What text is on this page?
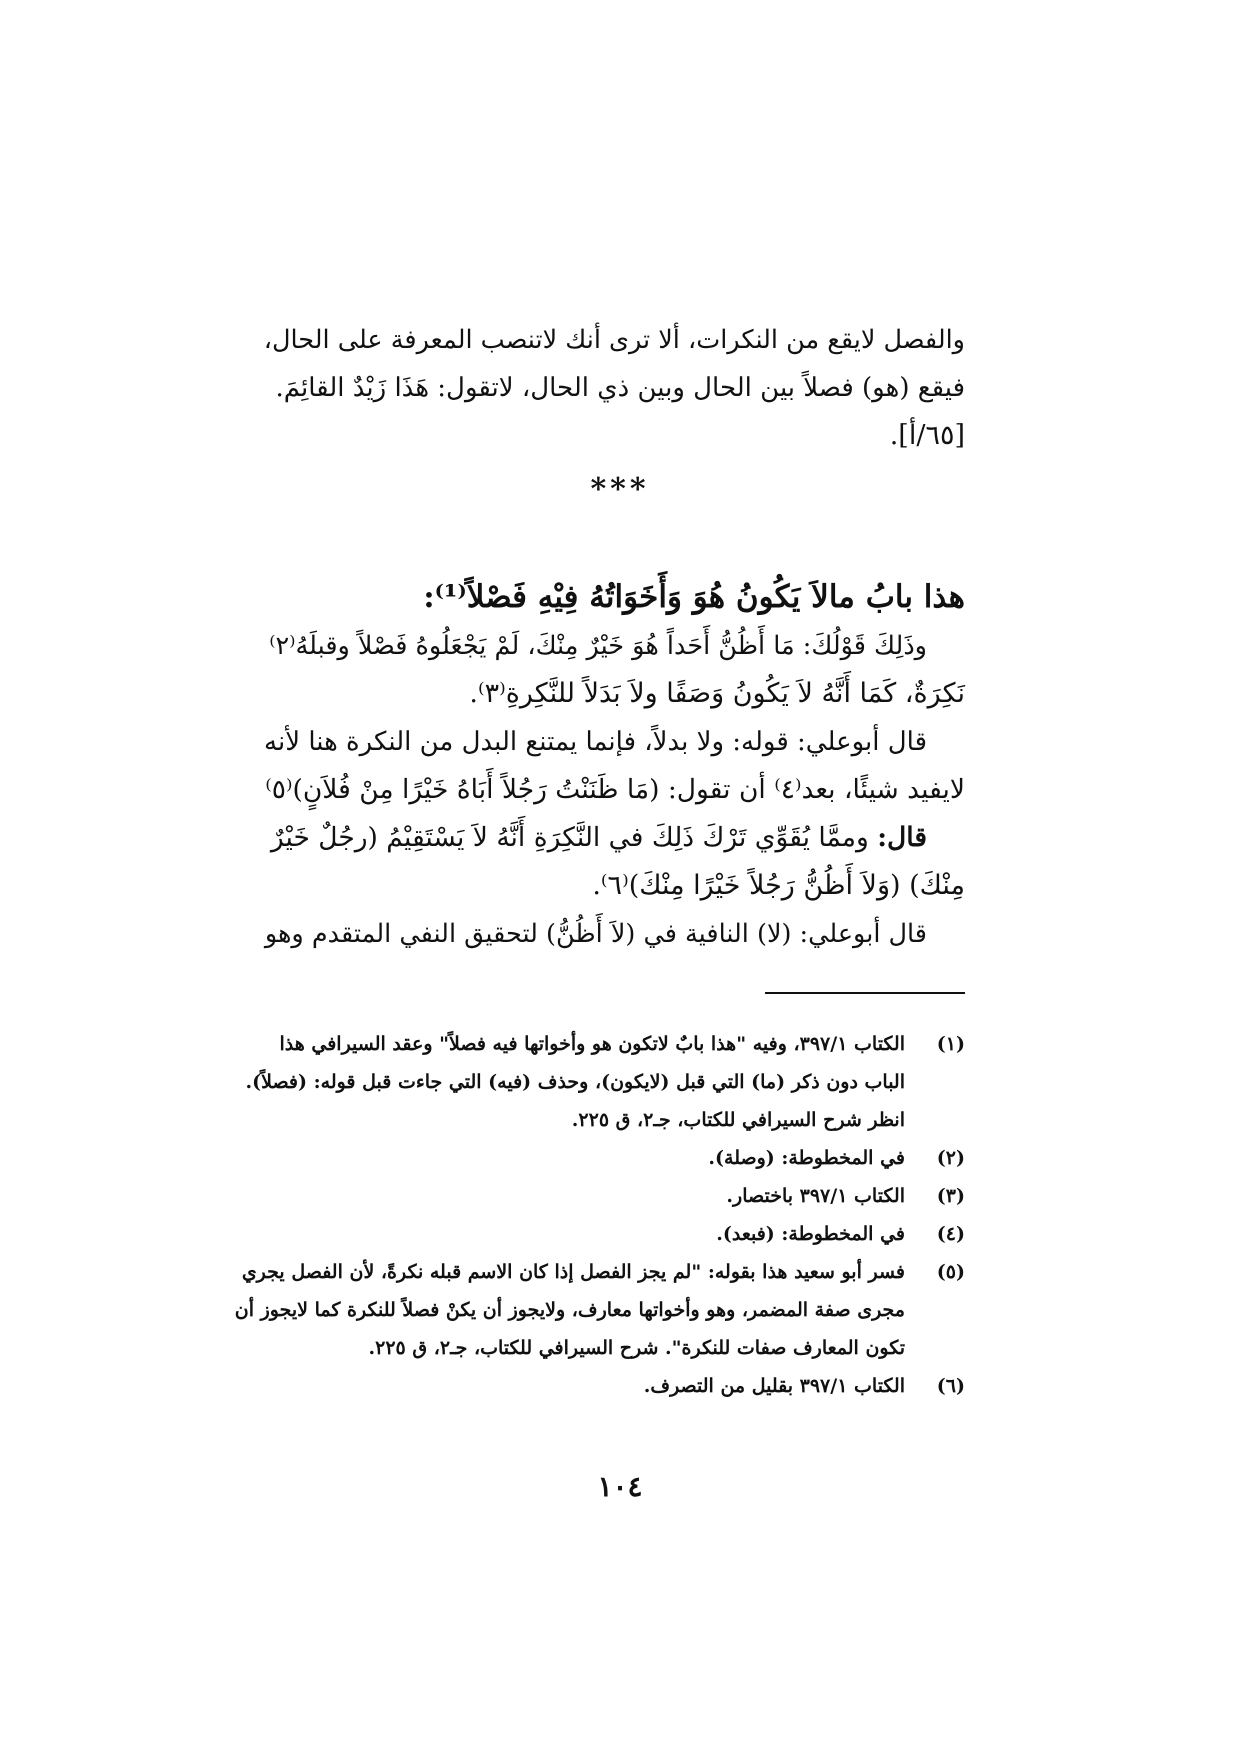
والفصل لايقع من النكرات، ألا ترى أنك لاتنصب المعرفة على الحال،

فيقع (هو) فصلاً بين الحال وبين ذي الحال، لاتقول: هَذَا زَيْدٌ القائِمَ.

[٦٥/أ].

***

هذا بابُ مالاَ يَكُونُ هُوَ وَأَخَوَاتُهُ فِيْهِ فَصْلاً⁽¹⁾:

وذَلِكَ قَوْلُكَ: مَا أَظُنُّ أَحَداً هُوَ خَيْرٌ مِنْكَ، لَمْ يَجْعَلُوهُ فَصْلاً وقبلَهُ⁽٢⁾

نَكِرَةٌ، كَمَا أَنَّهُ لاَ يَكُونُ وَصَفًا ولاَ بَدَلاً للنَّكِرةِ⁽٣⁾.

قال أبوعلي: قوله: ولا بدلاً، فإنما يمتنع البدل من النكرة هنا لأنه

لايفيد شيئًا، بعد⁽٤⁾ أن تقول: (مَا ظَنَنْتُ رَجُلاً أَبَاهُ خَيْرًا مِنْ فُلاَنٍ)⁽٥⁾

قال: وممَّا يُقَوِّي تَرْكَ ذَلِكَ في النَّكِرَةِ أَنَّهُ لاَ يَسْتَقِيْمُ (رجُلٌ خَيْرٌ

مِنْكَ) (وَلاَ أَظُنُّ رَجُلاً خَيْرًا مِنْكَ)⁽٦⁾.

قال أبوعلي: (لا) النافية في (لاَ أَظُنُّ) لتحقيق النفي المتقدم وهو

(١)

الكتاب ٣٩٧/١، وفيه "هذا بابٌ لاتكون هو وأخواتها فيه فصلاً" وعقد السيرافي هذا

الباب دون ذكر (ما) التي قبل (لايكون)، وحذف (فيه) التي جاءت قبل قوله: (فصلاً).

انظر شرح السيرافي للكتاب، جـ٢، ق ٢٢٥.

(٢)

في المخطوطة: (وصلة).

(٣)

الكتاب ٣٩٧/١ باختصار.

(٤)

في المخطوطة: (فبعد).

(٥)

فسر أبو سعيد هذا بقوله: "لم يجز الفصل إذا كان الاسم قبله نكرةً، لأن الفصل يجري

مجرى صفة المضمر، وهو وأخواتها معارف، ولايجوز أن يكنْ فصلاً للنكرة كما لايجوز أن

تكون المعارف صفات للنكرة". شرح السيرافي للكتاب، جـ٢، ق ٢٢٥.

(٦)

الكتاب ٣٩٧/١ بقليل من التصرف.

١٠٤
